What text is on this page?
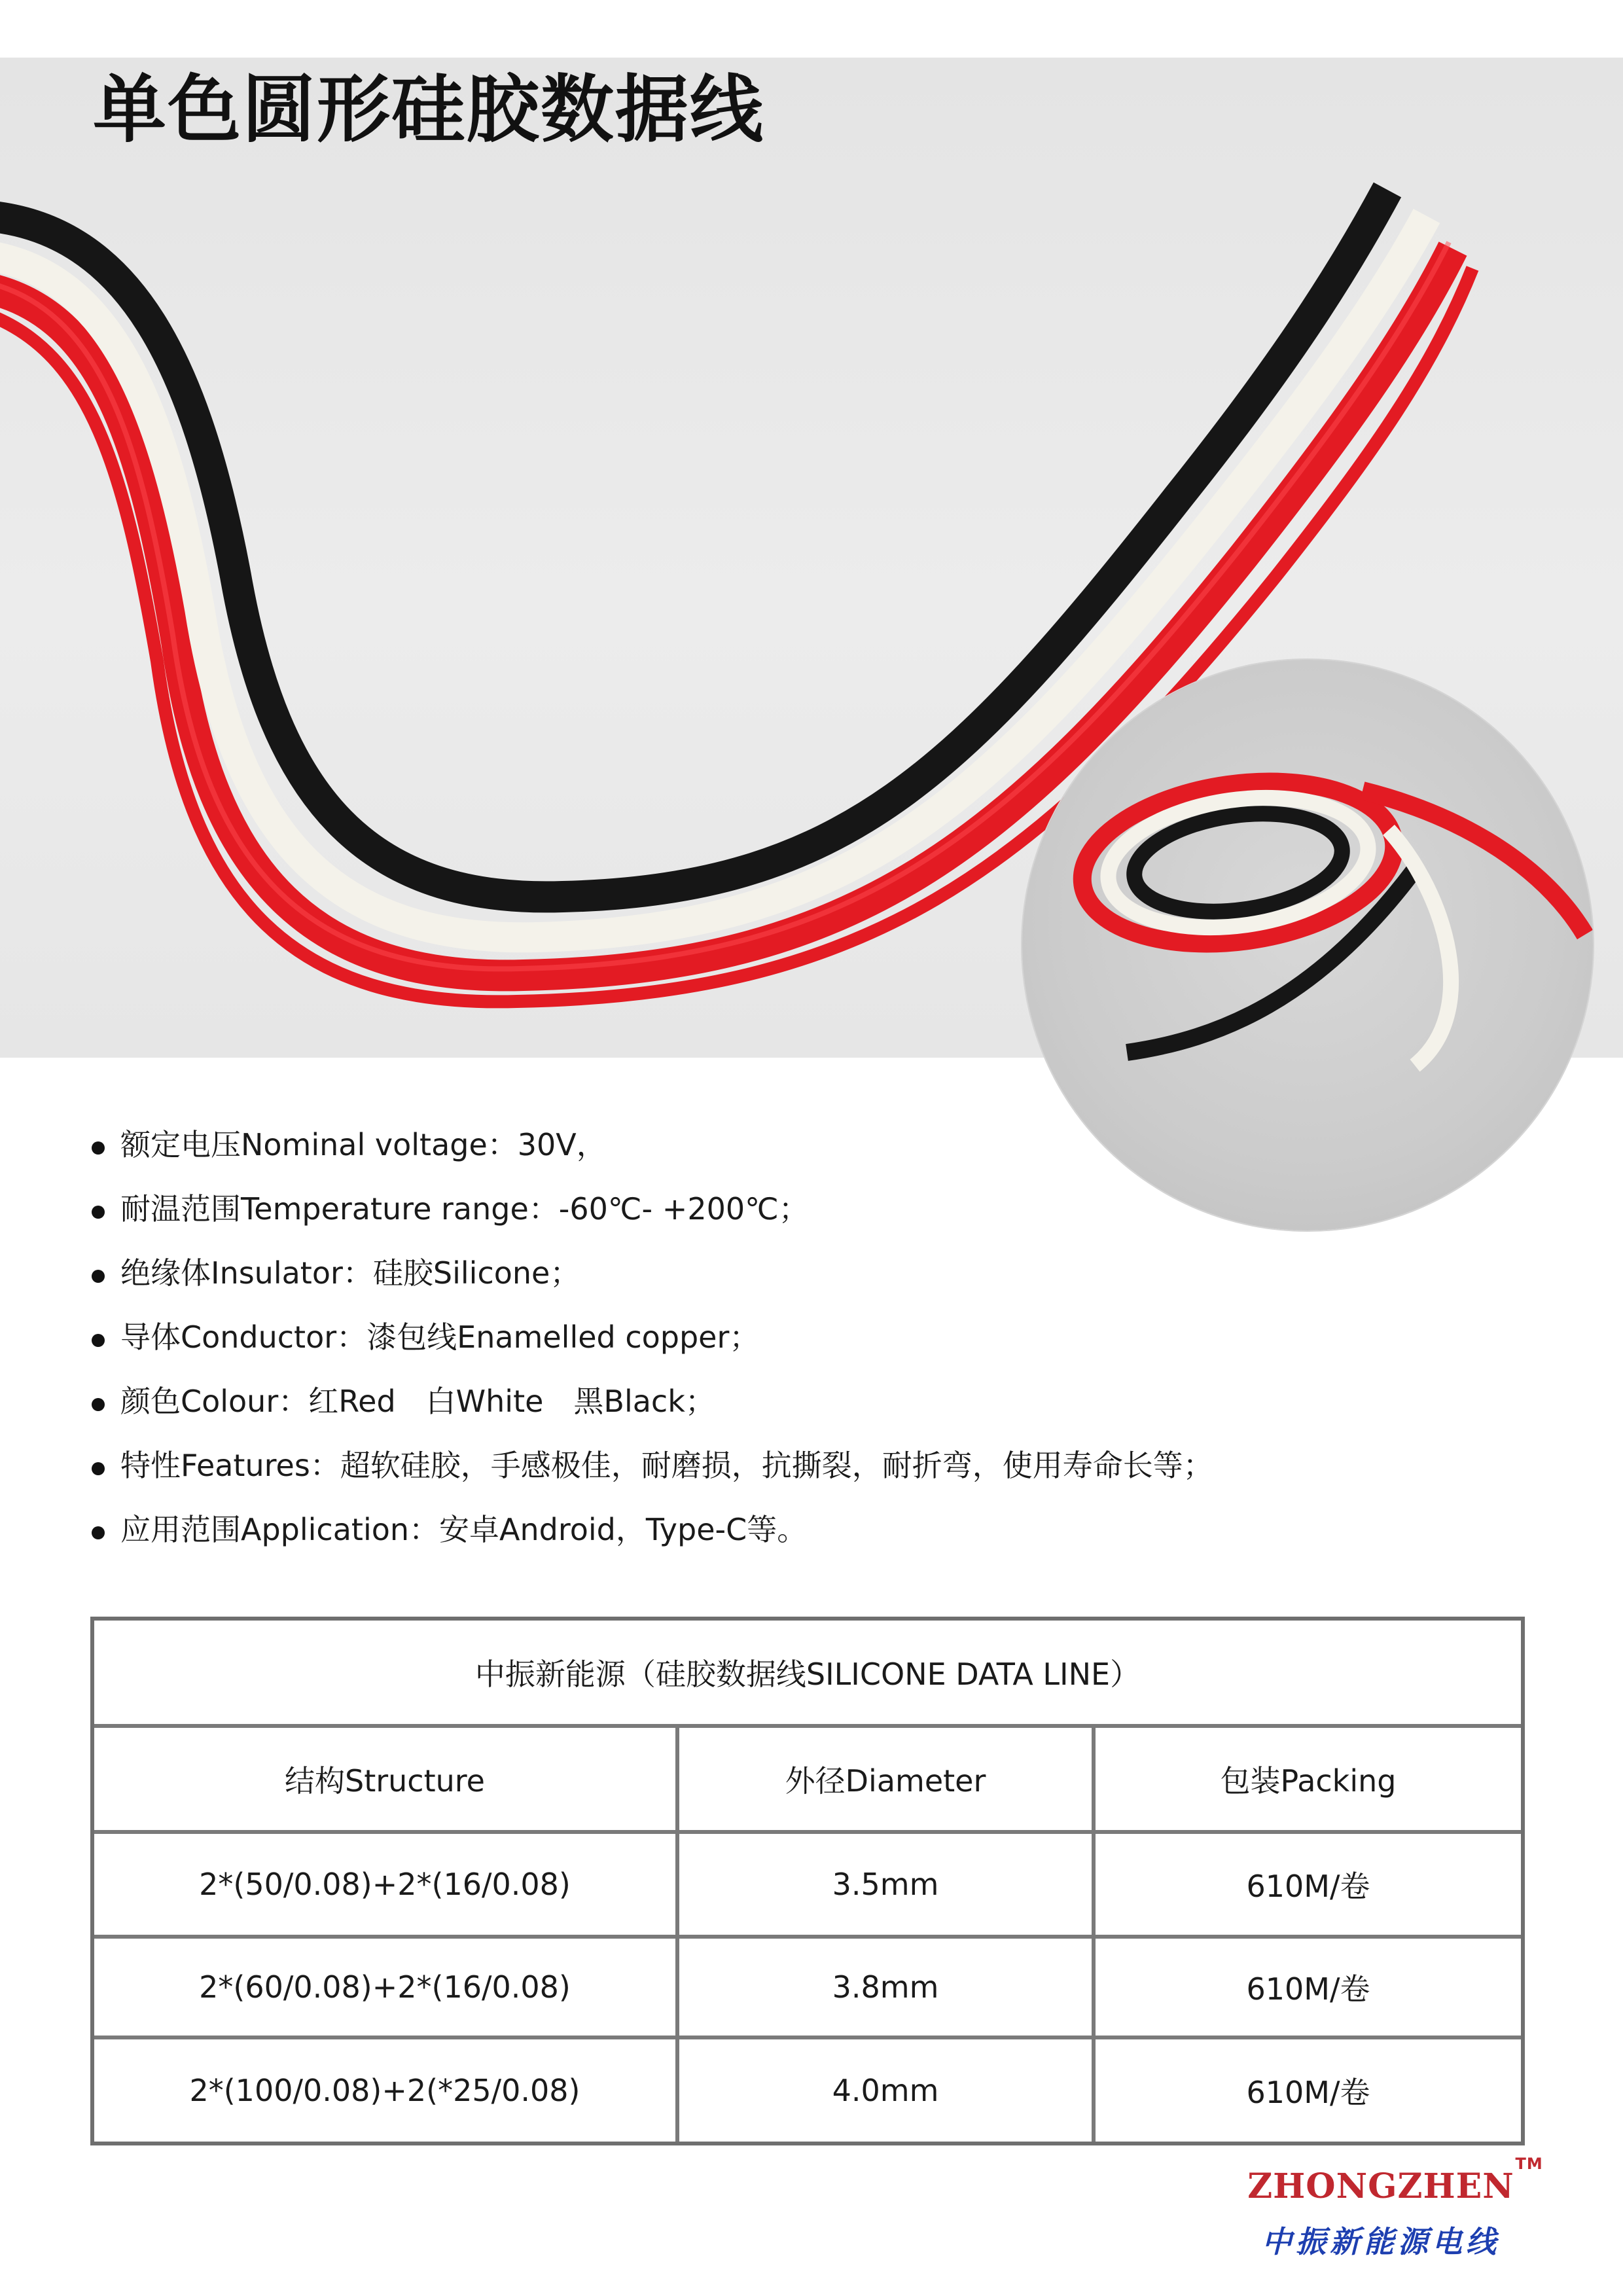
单色圆形硅胶数据线
额定电压Nominal voltage：30V，
耐温范围Temperature range：-60℃- +200℃；
绝缘体Insulator：硅胶Silicone；
导体Conductor：漆包线Enamelled copper；
颜色Colour：红Red　白White　黑Black；
特性Features：超软硅胶，手感极佳，耐磨损，抗撕裂，耐折弯，使用寿命长等；
应用范围Application：安卓Android，Type-C等。
中振新能源（硅胶数据线SILICONE DATA LINE）
结构Structure	外径Diameter	包装Packing
2*(50/0.08)+2*(16/0.08)	3.5mm	610M/卷
2*(60/0.08)+2*(16/0.08)	3.8mm	610M/卷
2*(100/0.08)+2(*25/0.08)	4.0mm	610M/卷
ZHONGZHEN
TM

中振新能源电线
